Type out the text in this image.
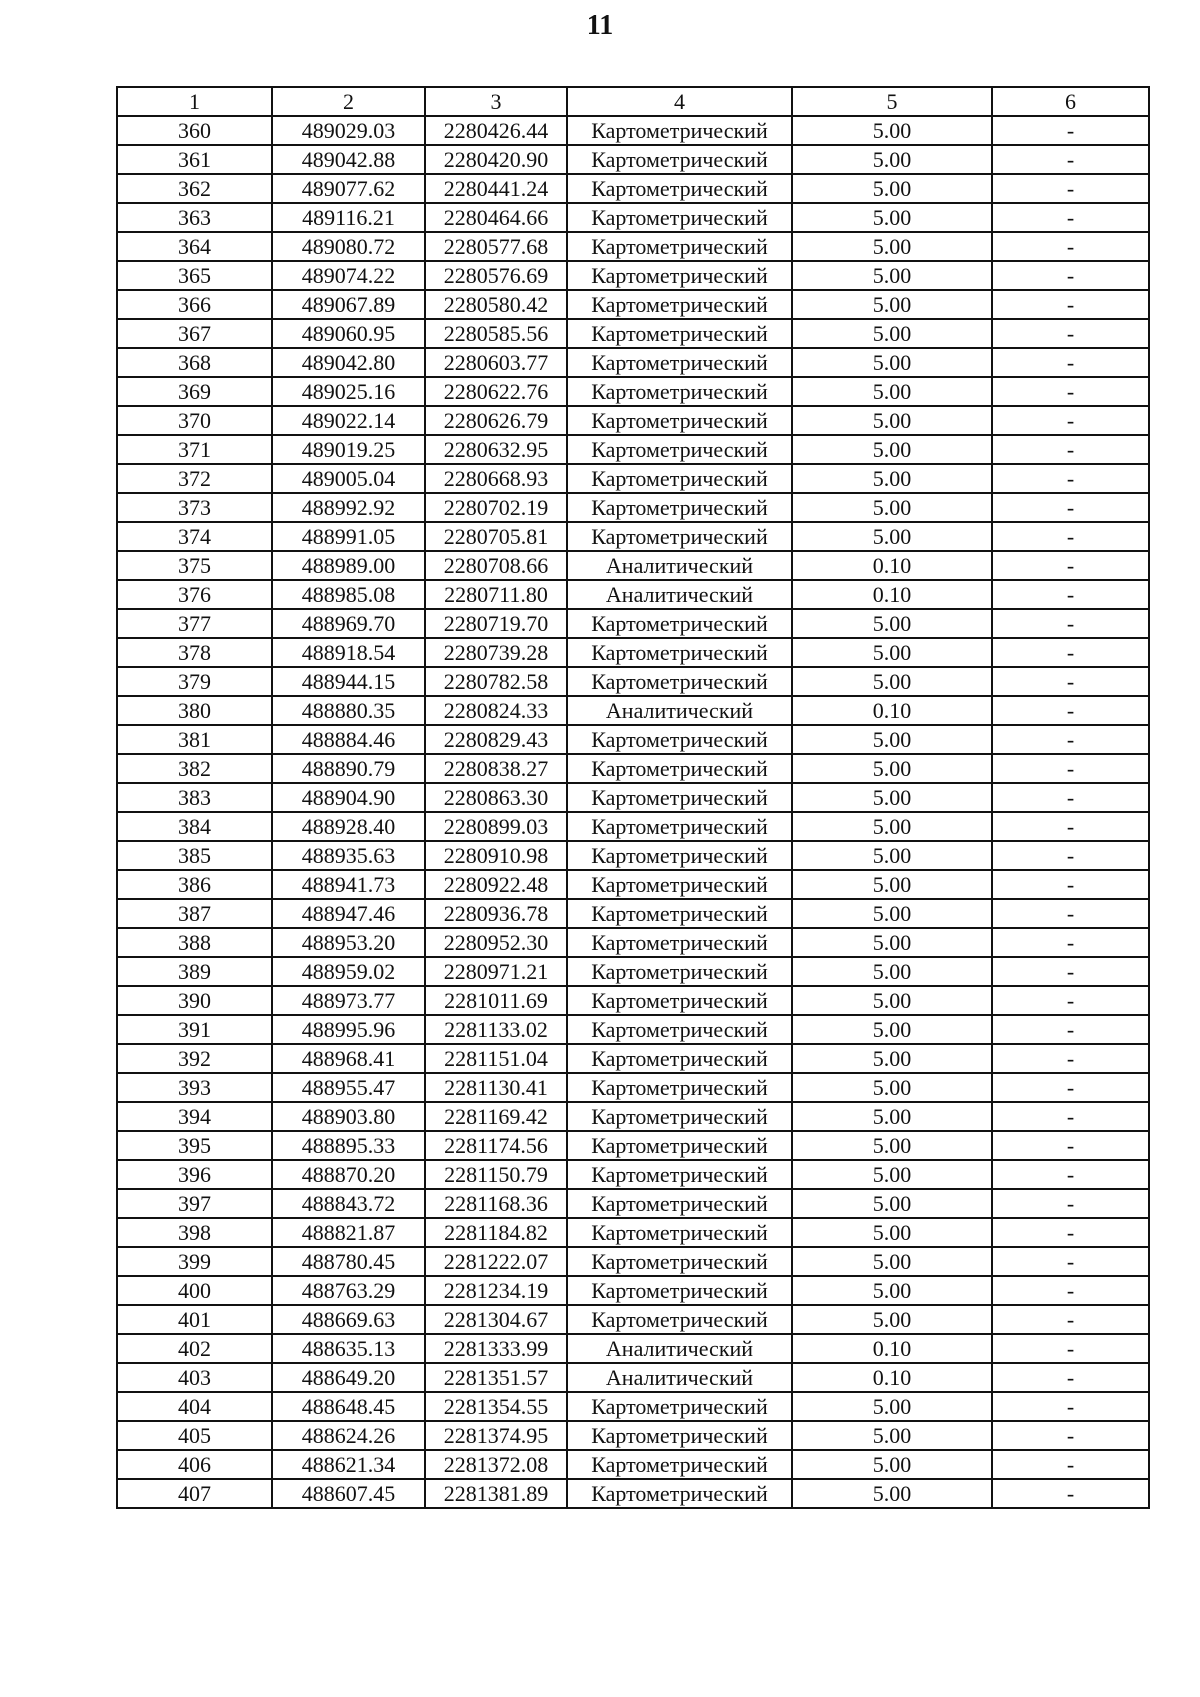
11
1	2	3	4	5	6
360	489029.03	2280426.44	Картометрический	5.00	-
361	489042.88	2280420.90	Картометрический	5.00	-
362	489077.62	2280441.24	Картометрический	5.00	-
363	489116.21	2280464.66	Картометрический	5.00	-
364	489080.72	2280577.68	Картометрический	5.00	-
365	489074.22	2280576.69	Картометрический	5.00	-
366	489067.89	2280580.42	Картометрический	5.00	-
367	489060.95	2280585.56	Картометрический	5.00	-
368	489042.80	2280603.77	Картометрический	5.00	-
369	489025.16	2280622.76	Картометрический	5.00	-
370	489022.14	2280626.79	Картометрический	5.00	-
371	489019.25	2280632.95	Картометрический	5.00	-
372	489005.04	2280668.93	Картометрический	5.00	-
373	488992.92	2280702.19	Картометрический	5.00	-
374	488991.05	2280705.81	Картометрический	5.00	-
375	488989.00	2280708.66	Аналитический	0.10	-
376	488985.08	2280711.80	Аналитический	0.10	-
377	488969.70	2280719.70	Картометрический	5.00	-
378	488918.54	2280739.28	Картометрический	5.00	-
379	488944.15	2280782.58	Картометрический	5.00	-
380	488880.35	2280824.33	Аналитический	0.10	-
381	488884.46	2280829.43	Картометрический	5.00	-
382	488890.79	2280838.27	Картометрический	5.00	-
383	488904.90	2280863.30	Картометрический	5.00	-
384	488928.40	2280899.03	Картометрический	5.00	-
385	488935.63	2280910.98	Картометрический	5.00	-
386	488941.73	2280922.48	Картометрический	5.00	-
387	488947.46	2280936.78	Картометрический	5.00	-
388	488953.20	2280952.30	Картометрический	5.00	-
389	488959.02	2280971.21	Картометрический	5.00	-
390	488973.77	2281011.69	Картометрический	5.00	-
391	488995.96	2281133.02	Картометрический	5.00	-
392	488968.41	2281151.04	Картометрический	5.00	-
393	488955.47	2281130.41	Картометрический	5.00	-
394	488903.80	2281169.42	Картометрический	5.00	-
395	488895.33	2281174.56	Картометрический	5.00	-
396	488870.20	2281150.79	Картометрический	5.00	-
397	488843.72	2281168.36	Картометрический	5.00	-
398	488821.87	2281184.82	Картометрический	5.00	-
399	488780.45	2281222.07	Картометрический	5.00	-
400	488763.29	2281234.19	Картометрический	5.00	-
401	488669.63	2281304.67	Картометрический	5.00	-
402	488635.13	2281333.99	Аналитический	0.10	-
403	488649.20	2281351.57	Аналитический	0.10	-
404	488648.45	2281354.55	Картометрический	5.00	-
405	488624.26	2281374.95	Картометрический	5.00	-
406	488621.34	2281372.08	Картометрический	5.00	-
407	488607.45	2281381.89	Картометрический	5.00	-
